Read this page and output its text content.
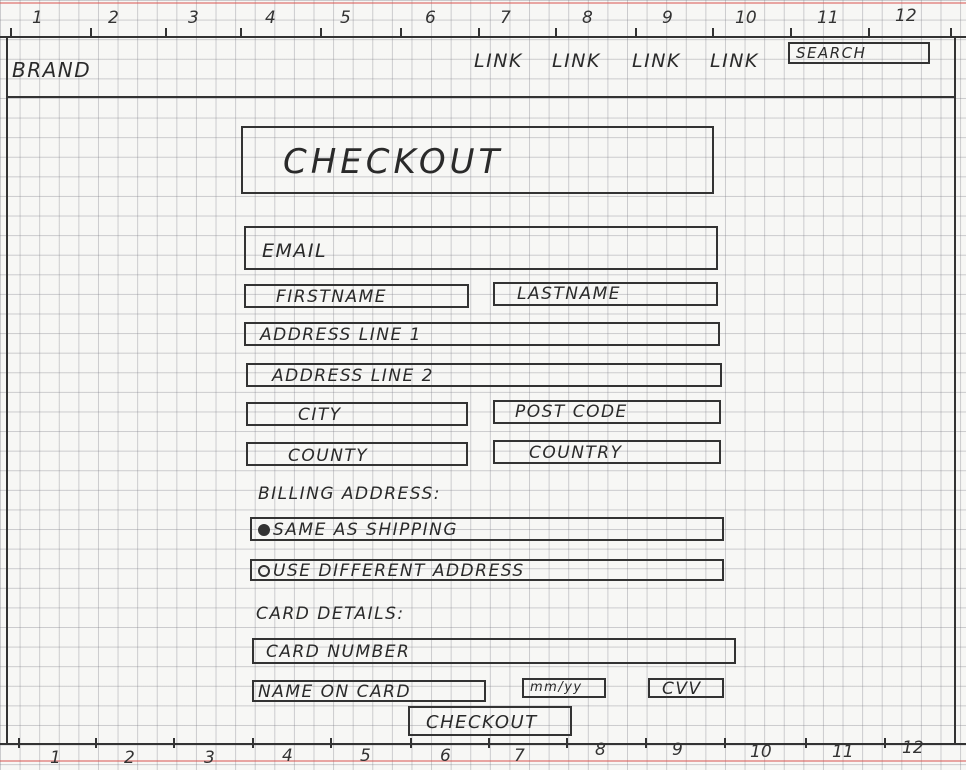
1	2	3	4	5	6	7	8	9	10	11	12
BRAND	LINK LINK LINK LINK SEARCH
CHECKOUT
EMAIL
FIRSTNAME	LASTNAME
ADDRESS LINE 1
ADDRESS LINE 2
CITY	POST CODE
COUNTY	COUNTRY
BILLING ADDRESS:
SAME AS SHIPPING
USE DIFFERENT ADDRESS
CARD DETAILS:
CARD NUMBER
NAME ON CARD	mm/yy	CVV
CHECKOUT
1	2	3	4	5	6	7	8	9	10	11	12
